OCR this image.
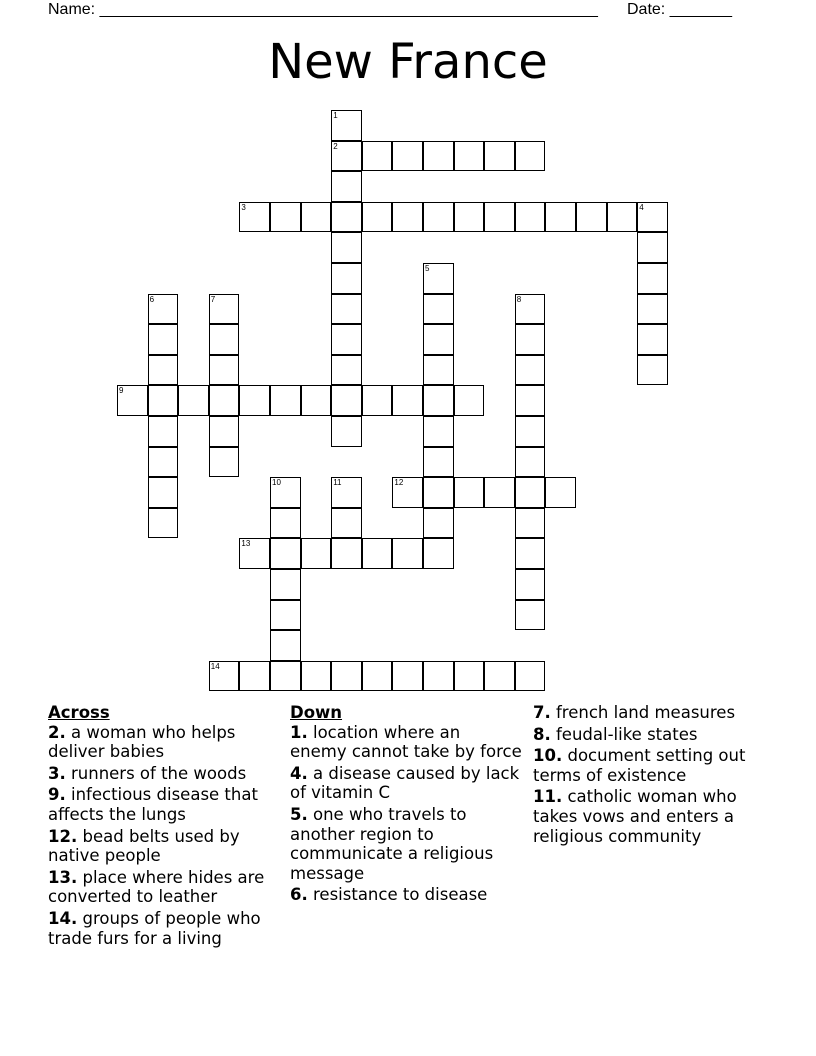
Name: ________________________________________________________ Date: _______
New France
1
2
3	4
5
6	7	8
9
10	11	12
13
14
Across
2. a woman who helps deliver babies
3. runners of the woods
9. infectious disease that affects the lungs
12. bead belts used by native people
13. place where hides are converted to leather
14. groups of people who trade furs for a living
Down
1. location where an enemy cannot take by force
4. a disease caused by lack of vitamin C
5. one who travels to another region to communicate a religious message
6. resistance to disease
7. french land measures
8. feudal-like states
10. document setting out terms of existence
11. catholic woman who takes vows and enters a religious community
